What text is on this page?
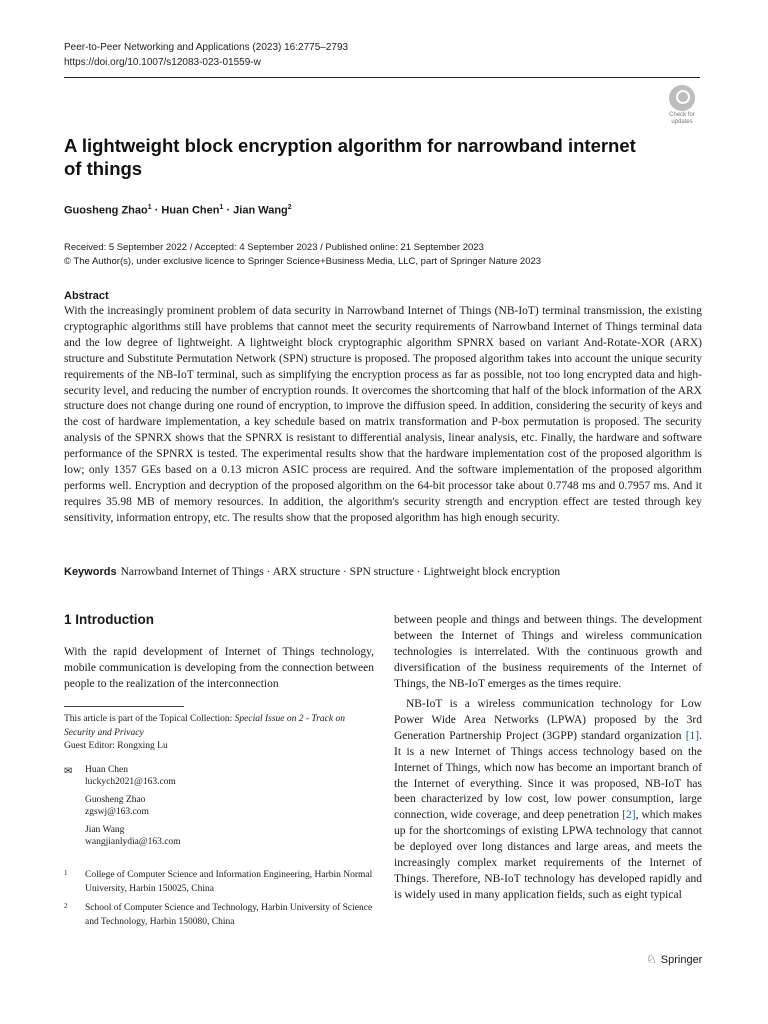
Peer-to-Peer Networking and Applications (2023) 16:2775–2793
https://doi.org/10.1007/s12083-023-01559-w
Check for
updates
A lightweight block encryption algorithm for narrowband internet of things
Guosheng Zhao$^1$ · Huan Chen$^1$ · Jian Wang$^2$
Received: 5 September 2022 / Accepted: 4 September 2023 / Published online: 21 September 2023
© The Author(s), under exclusive licence to Springer Science+Business Media, LLC, part of Springer Nature 2023
Abstract

With the increasingly prominent problem of data security in Narrowband Internet of Things (NB-IoT) terminal transmission, the existing cryptographic algorithms still have problems that cannot meet the security requirements of Narrowband Internet of Things terminal data and the low degree of lightweight. A lightweight block cryptographic algorithm SPNRX based on variant And-Rotate-XOR (ARX) structure and Substitute Permutation Network (SPN) structure is proposed. The proposed algorithm takes into account the unique security requirements of the NB-IoT terminal, such as simplifying the encryption process as far as possible, not too long encrypted data and high-security level, and reducing the number of encryption rounds. It overcomes the shortcoming that half of the block information of the ARX structure does not change during one round of encryption, to improve the diffusion speed. In addition, considering the security of keys and the cost of hardware implementation, a key schedule based on matrix transformation and P-box permutation is proposed. The security analysis of the SPNRX shows that the SPNRX is resistant to differential analysis, linear analysis, etc. Finally, the hardware and software performance of the SPNRX is tested. The experimental results show that the hardware implementation cost of the proposed algorithm is low; only 1357 GEs based on a 0.13 micron ASIC process are required. And the software implementation of the proposed algorithm performs well. Encryption and decryption of the proposed algorithm on the 64-bit processor take about 0.7748 ms and 0.7957 ms. And it requires 35.98 MB of memory resources. In addition, the algorithm's security strength and encryption effect are tested through key sensitivity, information entropy, etc. The results show that the proposed algorithm has high enough security.

Keywords Narrowband Internet of Things · ARX structure · SPN structure · Lightweight block encryption
1 Introduction

With the rapid development of Internet of Things technology, mobile communication is developing from the connection between people to the realization of the interconnection

This article is part of the Topical Collection: Special Issue on 2 - Track on Security and Privacy
Guest Editor: Rongxing Lu
✉ Huan Chen
luckych2021@163.com
Guosheng Zhao
zgswj@163.com
Jian Wang
wangjianlydia@163.com
1 College of Computer Science and Information Engineering, Harbin Normal University, Harbin 150025, China
2 School of Computer Science and Technology, Harbin University of Science and Technology, Harbin 150080, China

between people and things and between things. The development between the Internet of Things and wireless communication technologies is interrelated. With the continuous growth and diversification of the business requirements of the Internet of Things, the NB-IoT emerges as the times require.

NB-IoT is a wireless communication technology for Low Power Wide Area Networks (LPWA) proposed by the 3rd Generation Partnership Project (3GPP) standard organization [1]. It is a new Internet of Things access technology based on the Internet of Things, which now has become an important branch of the Internet of everything. Since it was proposed, NB-IoT has been characterized by low cost, low power consumption, large connection, wide coverage, and deep penetration [2], which makes up for the shortcomings of existing LPWA technology that cannot be deployed over long distances and large areas, and meets the increasingly complex market requirements of the Internet of Things. Therefore, NB-IoT technology has developed rapidly and is widely used in many application fields, such as eight typical

♘ Springer
